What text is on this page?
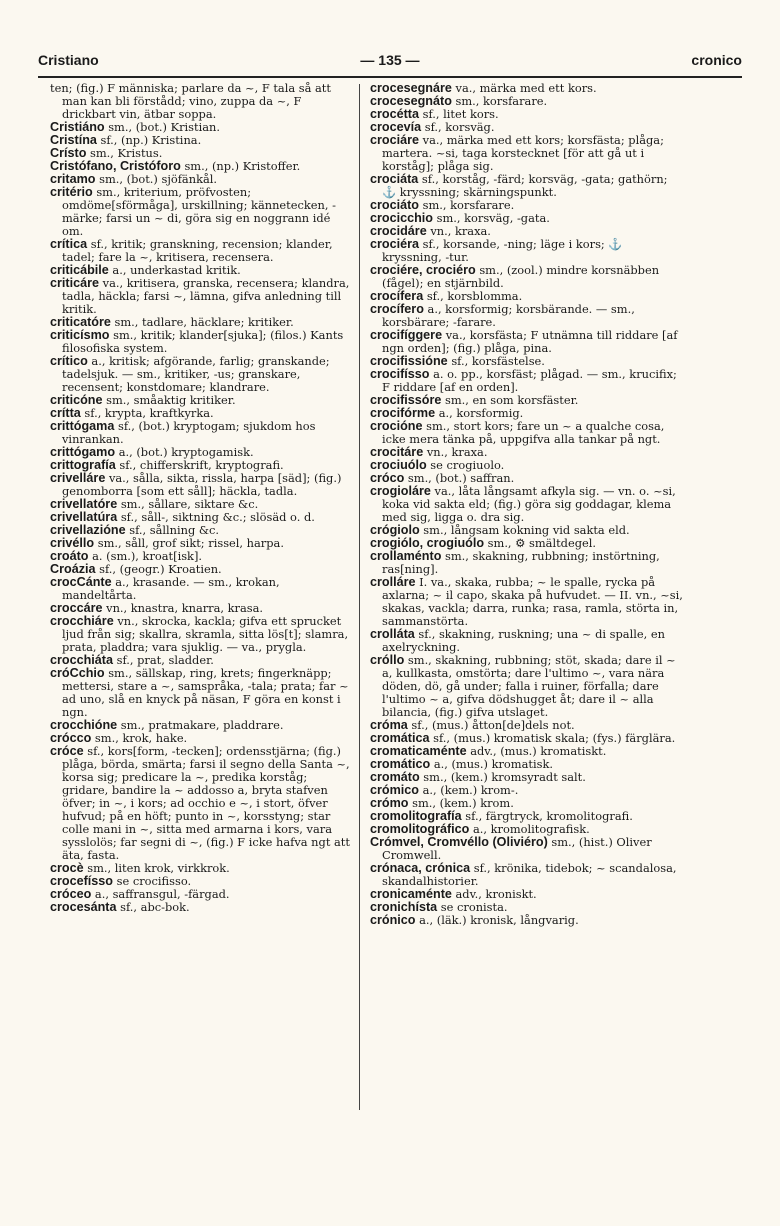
Cristiano	— 135 —	cronico

ten; (fig.) F människa; parlare da ~, F tala så att man kan bli förstådd; vino, zuppa da ~, F drickbart vin, ätbar soppa.

Cristiáno sm., (bot.) Kristian.

Cristína sf., (np.) Kristina.

Crísto sm., Kristus.

Cristófano, Cristóforo sm., (np.) Kristoffer.

critamo sm., (bot.) sjöfänkål.

critério sm., kriterium, pröfvosten; omdömе[sförmåga], urskillning; kännetecken, -märke; farsi un ~ di, göra sig en noggrann idé om.

crítica sf., kritik; granskning, recension; klander, tadel; fare la ~, kritisera, recensera.

criticábile a., underkastad kritik.

criticáre va., kritisera, granska, recensera; klandra, tadla, häckla; farsi ~, lämna, gifva anledning till kritik.

criticatóre sm., tadlare, häcklare; kritiker.

criticísmo sm., kritik; klander[sjuka]; (filos.) Kants filosofiska system.

crítico a., kritisk; afgörande, farlig; granskande; tadelsjuk. — sm., kritiker, -us; granskare, recensent; konstdomare; klandrare.

criticóne sm., småaktig kritiker.

crítta sf., krypta, kraftkyrka.

crittógama sf., (bot.) kryptogam; sjukdom hos vinrankan.

crittógamo a., (bot.) kryptogamisk.

crittografía sf., chifferskrift, kryptografi.

crivelláre va., sålla, sikta, rissla, harpa [säd]; (fig.) genomborra [som ett såll]; häckla, tadla.

crivellatóre sm., sållare, siktare &c.

crivellatúra sf., såll-, siktning &c.; slösäd o. d.

crivellazióne sf., sållning &c.

crivéllo sm., såll, grof sikt; rissel, harpa.

croáto a. (sm.), kroat[isk].

Croázia sf., (geogr.) Kroatien.

crocCánte a., krasande. — sm., krokan, mandeltårta.

croccáre vn., knastra, knarra, krasa.

crocchiáre vn., skrocka, kackla; gifva ett sprucket ljud från sig; skallra, skramla, sitta lös[t]; slamra, prata, pladdra; vara sjuklig. — va., prygla.

crocchiáta sf., prat, sladder.

cróCchio sm., sällskap, ring, krets; fingerknäpp; mettersi, stare a ~, samspråka, -tala; prata; far ~ ad uno, slå en knyck på näsan, F göra en konst i ngn.

crocchióne sm., pratmakare, pladdrare.

crócco sm., krok, hake.

cróce sf., kors[form, -tecken]; ordensstjärna; (fig.) plåga, börda, smärta; farsi il segno della Santa ~, korsa sig; predicare la ~, predika korståg; gridare, bandire la ~ addosso a, bryta stafven öfver; in ~, i kors; ad occhio e ~, i stort, öfver hufvud; på en höft; punto in ~, korsstyng; star colle mani in ~, sitta med armarna i kors, vara sysslolös; far segni di ~, (fig.) F icke hafva ngt att äta, fasta.

crocè sm., liten krok, virkkrok.

crocefísso se crocifisso.

cróceo a., saffransgul, -färgad.

crocesánta sf., abc-bok.

crocesegnáre va., märka med ett kors.

crocesegnáto sm., korsfarare.

crocétta sf., litet kors.

crocevía sf., korsväg.

crociáre va., märka med ett kors; korsfästa; plåga; martera. ~si, taga korstecknet [för att gå ut i korståg]; plåga sig.

crociáta sf., korståg, -färd; korsväg, -gata; gathörn; ⚓ kryssning; skärningspunkt.

crociáto sm., korsfarare.

crocicchio sm., korsväg, -gata.

crocidáre vn., kraxa.

crociéra sf., korsande, -ning; läge i kors; ⚓ kryssning, -tur.

crociére, crociéro sm., (zool.) mindre korsnäbben (fågel); en stjärnbild.

crocífera sf., korsblomma.

crocífero a., korsformig; korsbärande. — sm., korsbärare; -farare.

crocifíggere va., korsfästa; F utnämna till riddare [af ngn orden]; (fig.) plåga, pina.

crocifissióne sf., korsfästelse.

crocifísso a. o. pp., korsfäst; plågad. — sm., krucifix; F riddare [af en orden].

crocifissóre sm., en som korsfäster.

crocifórme a., korsformig.

crocióne sm., stort kors; fare un ~ a qualche cosa, icke mera tänka på, uppgifva alla tankar på ngt.

crocitáre vn., kraxa.

crociuólo se crogiuolo.

cróco sm., (bot.) saffran.

crogioláre va., låta långsamt afkyla sig. — vn. o. ~si, koka vid sakta eld; (fig.) göra sig goddagar, klema med sig, ligga o. dra sig.

crógiolo sm., långsam kokning vid sakta eld.

crogiólo, crogiuólo sm., ⚙ smältdegel.

crollaménto sm., skakning, rubbning; instörtning, ras[ning].

crolláre I. va., skaka, rubba; ~ le spalle, rycka på axlarna; ~ il capo, skaka på hufvudet. — II. vn., ~si, skakas, vackla; darra, runka; rasa, ramla, störta in, sammanstörta.

crolláta sf., skakning, ruskning; una ~ di spalle, en axelryckning.

cróllo sm., skakning, rubbning; stöt, skada; dare il ~ a, kullkasta, omstörta; dare l'ultimo ~, vara nära döden, dö, gå under; falla i ruiner, förfalla; dare l'ultimo ~ a, gifva dödshugget åt; dare il ~ alla bilancia, (fig.) gifva utslaget.

cróma sf., (mus.) åtton[de]dels not.

cromática sf., (mus.) kromatisk skala; (fys.) färglära.

cromaticaménte adv., (mus.) kromatiskt.

cromático a., (mus.) kromatisk.

cromáto sm., (kem.) kromsyradt salt.

crómico a., (kem.) krom-.

crómo sm., (kem.) krom.

cromolitografía sf., färgtryck, kromolitografi.

cromolitográfico a., kromolitografisk.

Crómvel, Cromvéllo (Oliviéro) sm., (hist.) Oliver Cromwell.

crónaca, crónica sf., krönika, tidebok; ~ scandalosa, skandalhistorier.

cronicaménte adv., kroniskt.

cronichísta se cronista.

crónico a., (läk.) kronisk, långvarig.
